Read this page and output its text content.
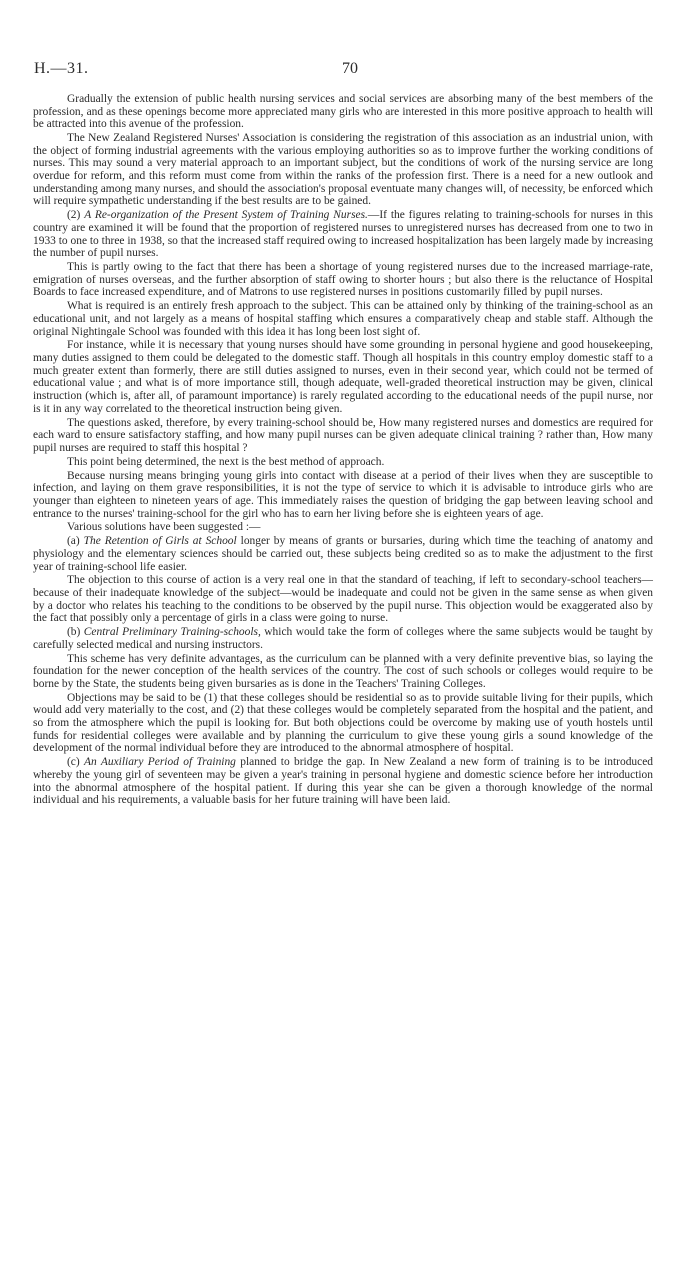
H.—31.	70

Gradually the extension of public health nursing services and social services are absorbing many of the best members of the profession, and as these openings become more appreciated many girls who are interested in this more positive approach to health will be attracted into this avenue of the profession.

The New Zealand Registered Nurses' Association is considering the registration of this association as an industrial union, with the object of forming industrial agreements with the various employing authorities so as to improve further the working conditions of nurses. This may sound a very material approach to an important subject, but the conditions of work of the nursing service are long overdue for reform, and this reform must come from within the ranks of the profession first. There is a need for a new outlook and understanding among many nurses, and should the association's proposal eventuate many changes will, of necessity, be enforced which will require sympathetic understanding if the best results are to be gained.

(2) A Re-organization of the Present System of Training Nurses.—If the figures relating to training-schools for nurses in this country are examined it will be found that the proportion of registered nurses to unregistered nurses has decreased from one to two in 1933 to one to three in 1938, so that the increased staff required owing to increased hospitalization has been largely made by increasing the number of pupil nurses.

This is partly owing to the fact that there has been a shortage of young registered nurses due to the increased marriage-rate, emigration of nurses overseas, and the further absorption of staff owing to shorter hours ; but also there is the reluctance of Hospital Boards to face increased expenditure, and of Matrons to use registered nurses in positions customarily filled by pupil nurses.

What is required is an entirely fresh approach to the subject. This can be attained only by thinking of the training-school as an educational unit, and not largely as a means of hospital staffing which ensures a comparatively cheap and stable staff. Although the original Nightingale School was founded with this idea it has long been lost sight of.

For instance, while it is necessary that young nurses should have some grounding in personal hygiene and good housekeeping, many duties assigned to them could be delegated to the domestic staff. Though all hospitals in this country employ domestic staff to a much greater extent than formerly, there are still duties assigned to nurses, even in their second year, which could not be termed of educational value ; and what is of more importance still, though adequate, well-graded theoretical instruction may be given, clinical instruction (which is, after all, of paramount importance) is rarely regulated according to the educational needs of the pupil nurse, nor is it in any way correlated to the theoretical instruction being given.

The questions asked, therefore, by every training-school should be, How many registered nurses and domestics are required for each ward to ensure satisfactory staffing, and how many pupil nurses can be given adequate clinical training ? rather than, How many pupil nurses are required to staff this hospital ?

This point being determined, the next is the best method of approach.

Because nursing means bringing young girls into contact with disease at a period of their lives when they are susceptible to infection, and laying on them grave responsibilities, it is not the type of service to which it is advisable to introduce girls who are younger than eighteen to nineteen years of age. This immediately raises the question of bridging the gap between leaving school and entrance to the nurses' training-school for the girl who has to earn her living before she is eighteen years of age.

Various solutions have been suggested :—

(a) The Retention of Girls at School longer by means of grants or bursaries, during which time the teaching of anatomy and physiology and the elementary sciences should be carried out, these subjects being credited so as to make the adjustment to the first year of training-school life easier.

The objection to this course of action is a very real one in that the standard of teaching, if left to secondary-school teachers—because of their inadequate knowledge of the subject—would be inadequate and could not be given in the same sense as when given by a doctor who relates his teaching to the conditions to be observed by the pupil nurse. This objection would be exaggerated also by the fact that possibly only a percentage of girls in a class were going to nurse.

(b) Central Preliminary Training-schools, which would take the form of colleges where the same subjects would be taught by carefully selected medical and nursing instructors.

This scheme has very definite advantages, as the curriculum can be planned with a very definite preventive bias, so laying the foundation for the newer conception of the health services of the country. The cost of such schools or colleges would require to be borne by the State, the students being given bursaries as is done in the Teachers' Training Colleges.

Objections may be said to be (1) that these colleges should be residential so as to provide suitable living for their pupils, which would add very materially to the cost, and (2) that these colleges would be completely separated from the hospital and the patient, and so from the atmosphere which the pupil is looking for. But both objections could be overcome by making use of youth hostels until funds for residential colleges were available and by planning the curriculum to give these young girls a sound knowledge of the development of the normal individual before they are introduced to the abnormal atmosphere of hospital.

(c) An Auxiliary Period of Training planned to bridge the gap. In New Zealand a new form of training is to be introduced whereby the young girl of seventeen may be given a year's training in personal hygiene and domestic science before her introduction into the abnormal atmosphere of the hospital patient. If during this year she can be given a thorough knowledge of the normal individual and his requirements, a valuable basis for her future training will have been laid.
